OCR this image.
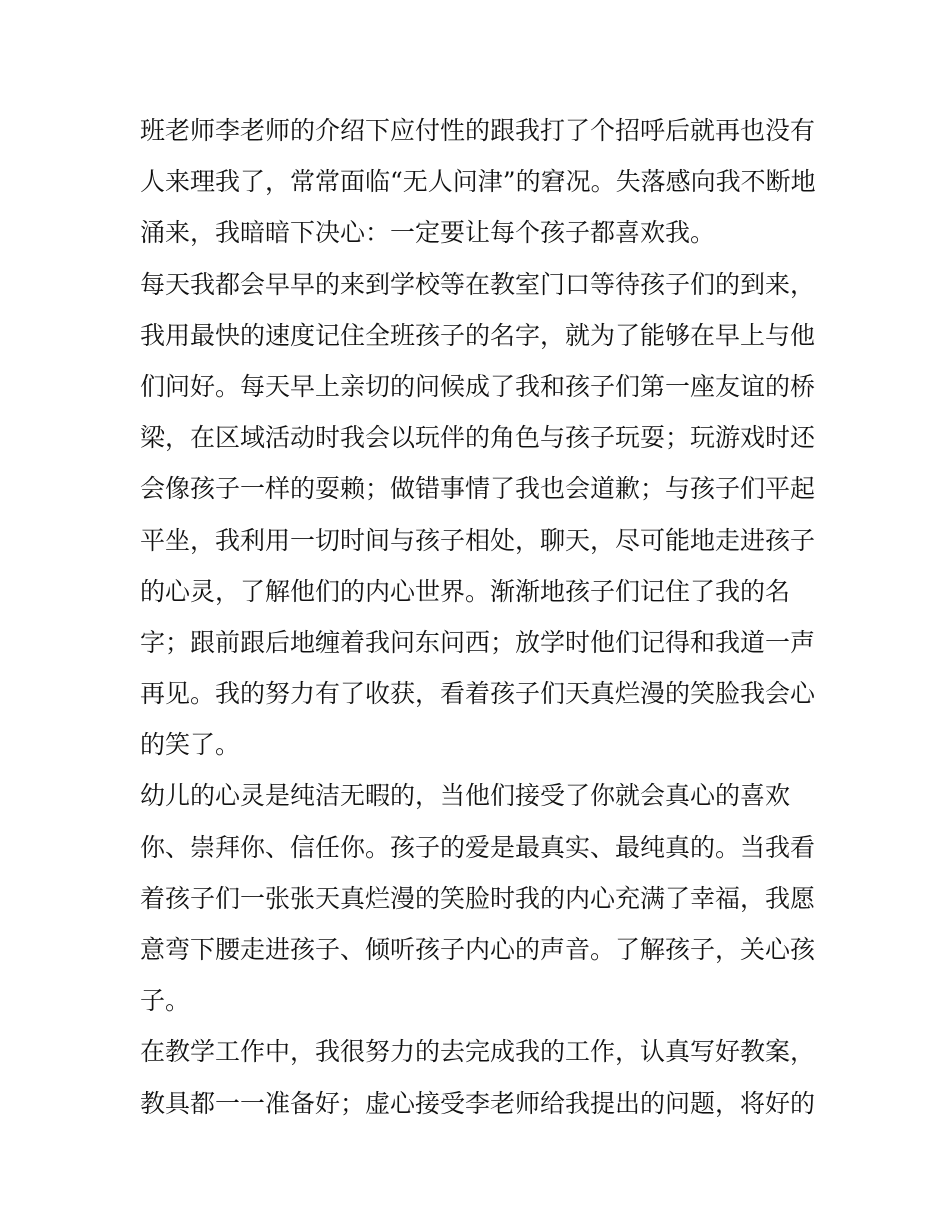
班老师李老师的介绍下应付性的跟我打了个招呼后就再也没有

人来理我了，常常面临“无人问津”的窘况。失落感向我不断地

涌来，我暗暗下决心：一定要让每个孩子都喜欢我。

每天我都会早早的来到学校等在教室门口等待孩子们的到来，

我用最快的速度记住全班孩子的名字，就为了能够在早上与他

们问好。每天早上亲切的问候成了我和孩子们第一座友谊的桥

梁，在区域活动时我会以玩伴的角色与孩子玩耍；玩游戏时还

会像孩子一样的耍赖；做错事情了我也会道歉；与孩子们平起

平坐，我利用一切时间与孩子相处，聊天，尽可能地走进孩子

的心灵，了解他们的内心世界。渐渐地孩子们记住了我的名

字；跟前跟后地缠着我问东问西；放学时他们记得和我道一声

再见。我的努力有了收获，看着孩子们天真烂漫的笑脸我会心

的笑了。

幼儿的心灵是纯洁无暇的，当他们接受了你就会真心的喜欢

你、崇拜你、信任你。孩子的爱是最真实、最纯真的。当我看

着孩子们一张张天真烂漫的笑脸时我的内心充满了幸福，我愿

意弯下腰走进孩子、倾听孩子内心的声音。了解孩子，关心孩

子。

在教学工作中，我很努力的去完成我的工作，认真写好教案，

教具都一一准备好；虚心接受李老师给我提出的问题，将好的
